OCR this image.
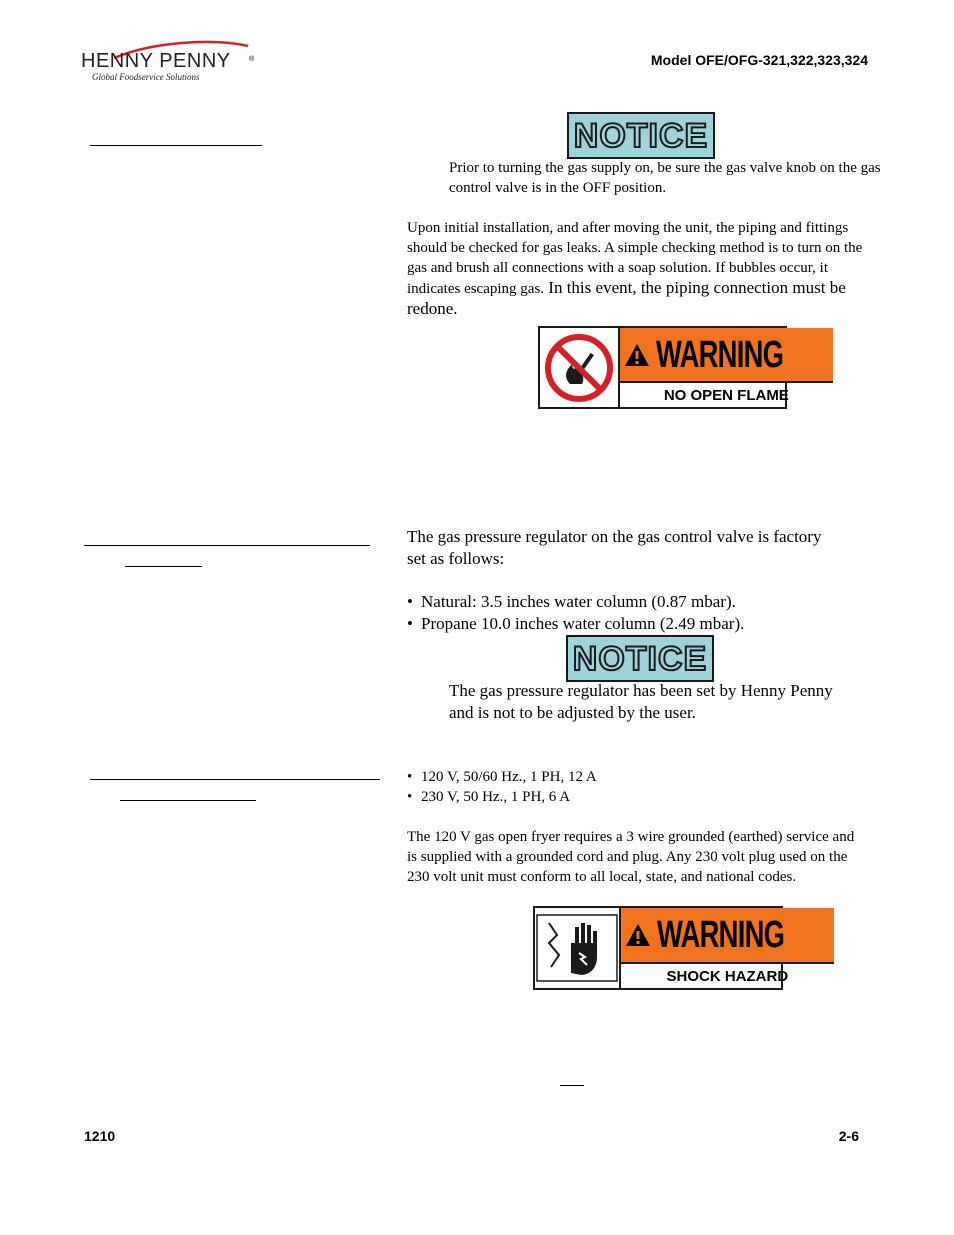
HENNY PENNY	®
Global Foodservice Solutions
Model OFE/OFG-321,322,323,324
NOTICE
Prior to turning the gas supply on, be sure the gas valve knob on the gas control valve is in the OFF position.
Upon initial installation, and after moving the unit, the piping and fittings should be checked for gas leaks. A simple checking method is to turn on the gas and brush all connections with a soap solution. If bubbles occur, it indicates escaping gas. In this event, the piping connection must be redone.
WARNING
NO OPEN FLAME
The gas pressure regulator on the gas control valve is factory set as follows:
• Natural: 3.5 inches water column (0.87 mbar).
• Propane 10.0 inches water column (2.49 mbar).
NOTICE
The gas pressure regulator has been set by Henny Penny and is not to be adjusted by the user.
• 120 V, 50/60 Hz., 1 PH, 12 A
• 230 V, 50 Hz., 1 PH, 6 A
The 120 V gas open fryer requires a 3 wire grounded (earthed) service and is supplied with a grounded cord and plug. Any 230 volt plug used on the 230 volt unit must conform to all local, state, and national codes.
WARNING
SHOCK HAZARD
1210	2-6
